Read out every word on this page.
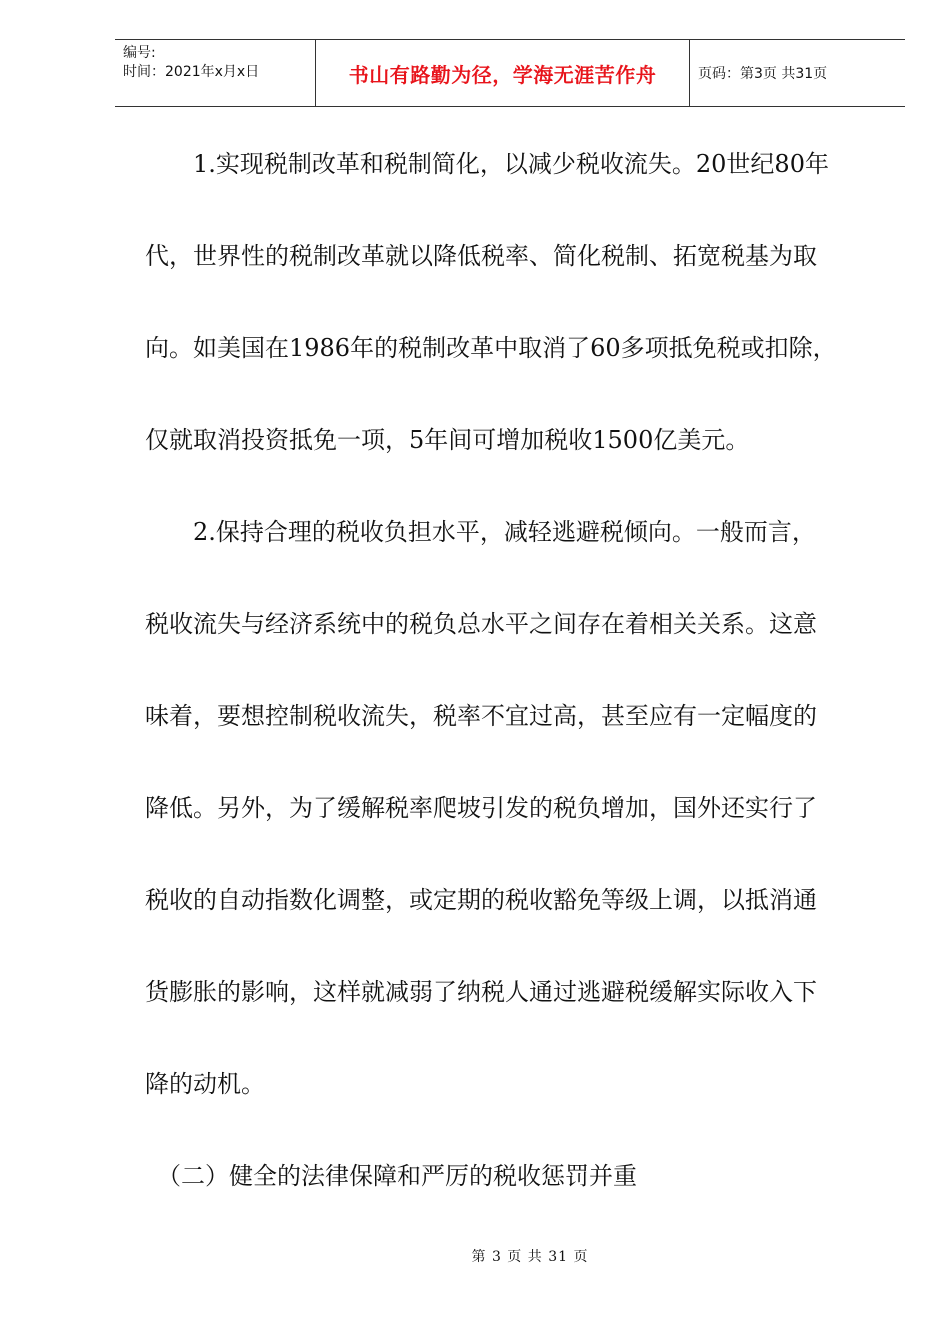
编号:
时间：2021年x月x日	书山有路勤为径，学海无涯苦作舟	页码：第3页 共31页
　　1.实现税制改革和税制简化，以减少税收流失。20世纪80年
代，世界性的税制改革就以降低税率、简化税制、拓宽税基为取
向。如美国在1986年的税制改革中取消了60多项抵免税或扣除，
仅就取消投资抵免一项，5年间可增加税收1500亿美元。
　　2.保持合理的税收负担水平，减轻逃避税倾向。一般而言，
税收流失与经济系统中的税负总水平之间存在着相关关系。这意
味着，要想控制税收流失，税率不宜过高，甚至应有一定幅度的
降低。另外，为了缓解税率爬坡引发的税负增加，国外还实行了
税收的自动指数化调整，或定期的税收豁免等级上调，以抵消通
货膨胀的影响，这样就减弱了纳税人通过逃避税缓解实际收入下
降的动机。
　（二）健全的法律保障和严厉的税收惩罚并重
第 3 页 共 31 页
